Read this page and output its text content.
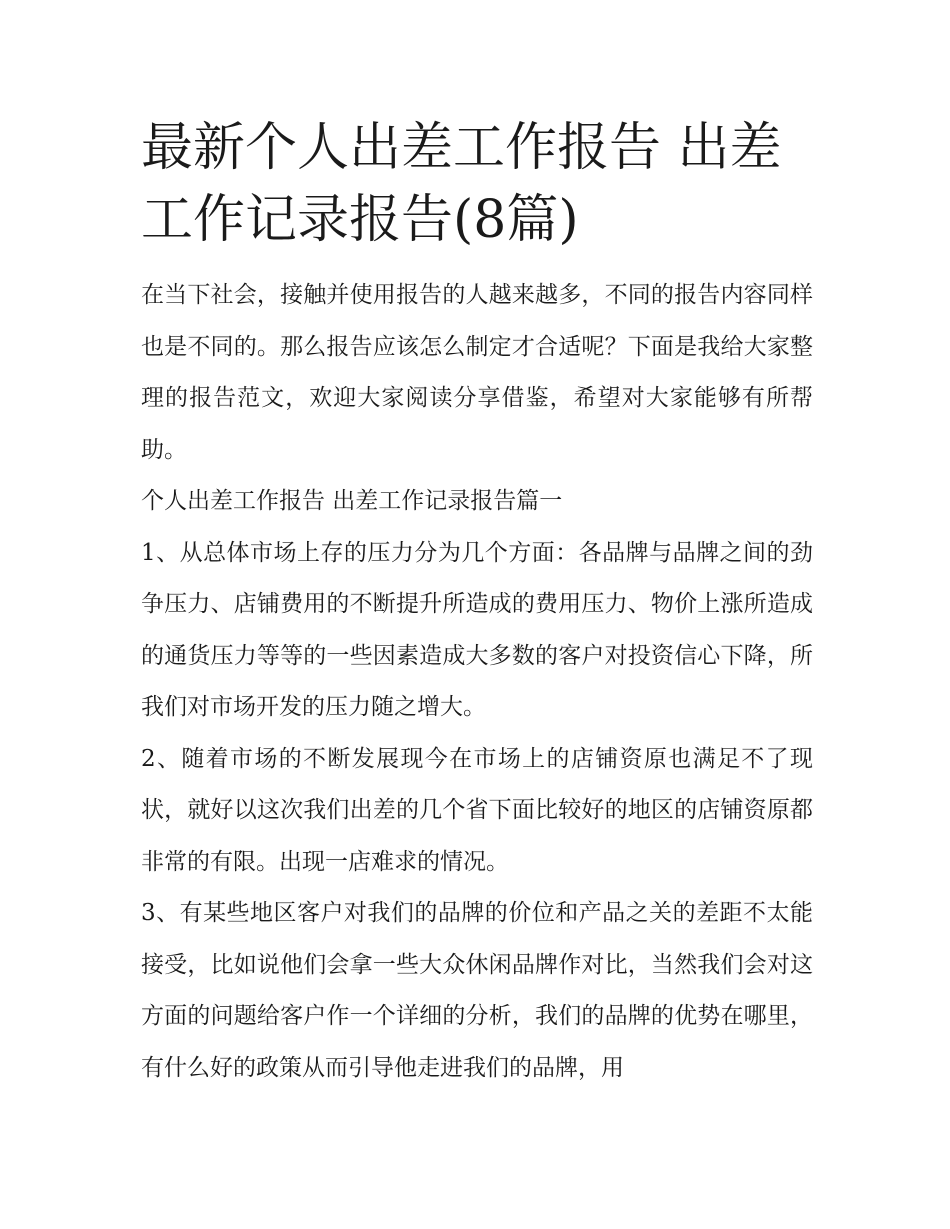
最新个人出差工作报告 出差工作记录报告(8篇)

在当下社会，接触并使用报告的人越来越多，不同的报告内容同样也是不同的。那么报告应该怎么制定才合适呢？下面是我给大家整理的报告范文，欢迎大家阅读分享借鉴，希望对大家能够有所帮助。

个人出差工作报告 出差工作记录报告篇一

1、从总体市场上存的压力分为几个方面：各品牌与品牌之间的劲争压力、店铺费用的不断提升所造成的费用压力、物价上涨所造成的通货压力等等的一些因素造成大多数的客户对投资信心下降，所我们对市场开发的压力随之增大。

2、随着市场的不断发展现今在市场上的店铺资原也满足不了现状，就好以这次我们出差的几个省下面比较好的地区的店铺资原都非常的有限。出现一店难求的情况。

3、有某些地区客户对我们的品牌的价位和产品之关的差距不太能接受，比如说他们会拿一些大众休闲品牌作对比，当然我们会对这方面的问题给客户作一个详细的分析，我们的品牌的优势在哪里，有什么好的政策从而引导他走进我们的品牌，用
